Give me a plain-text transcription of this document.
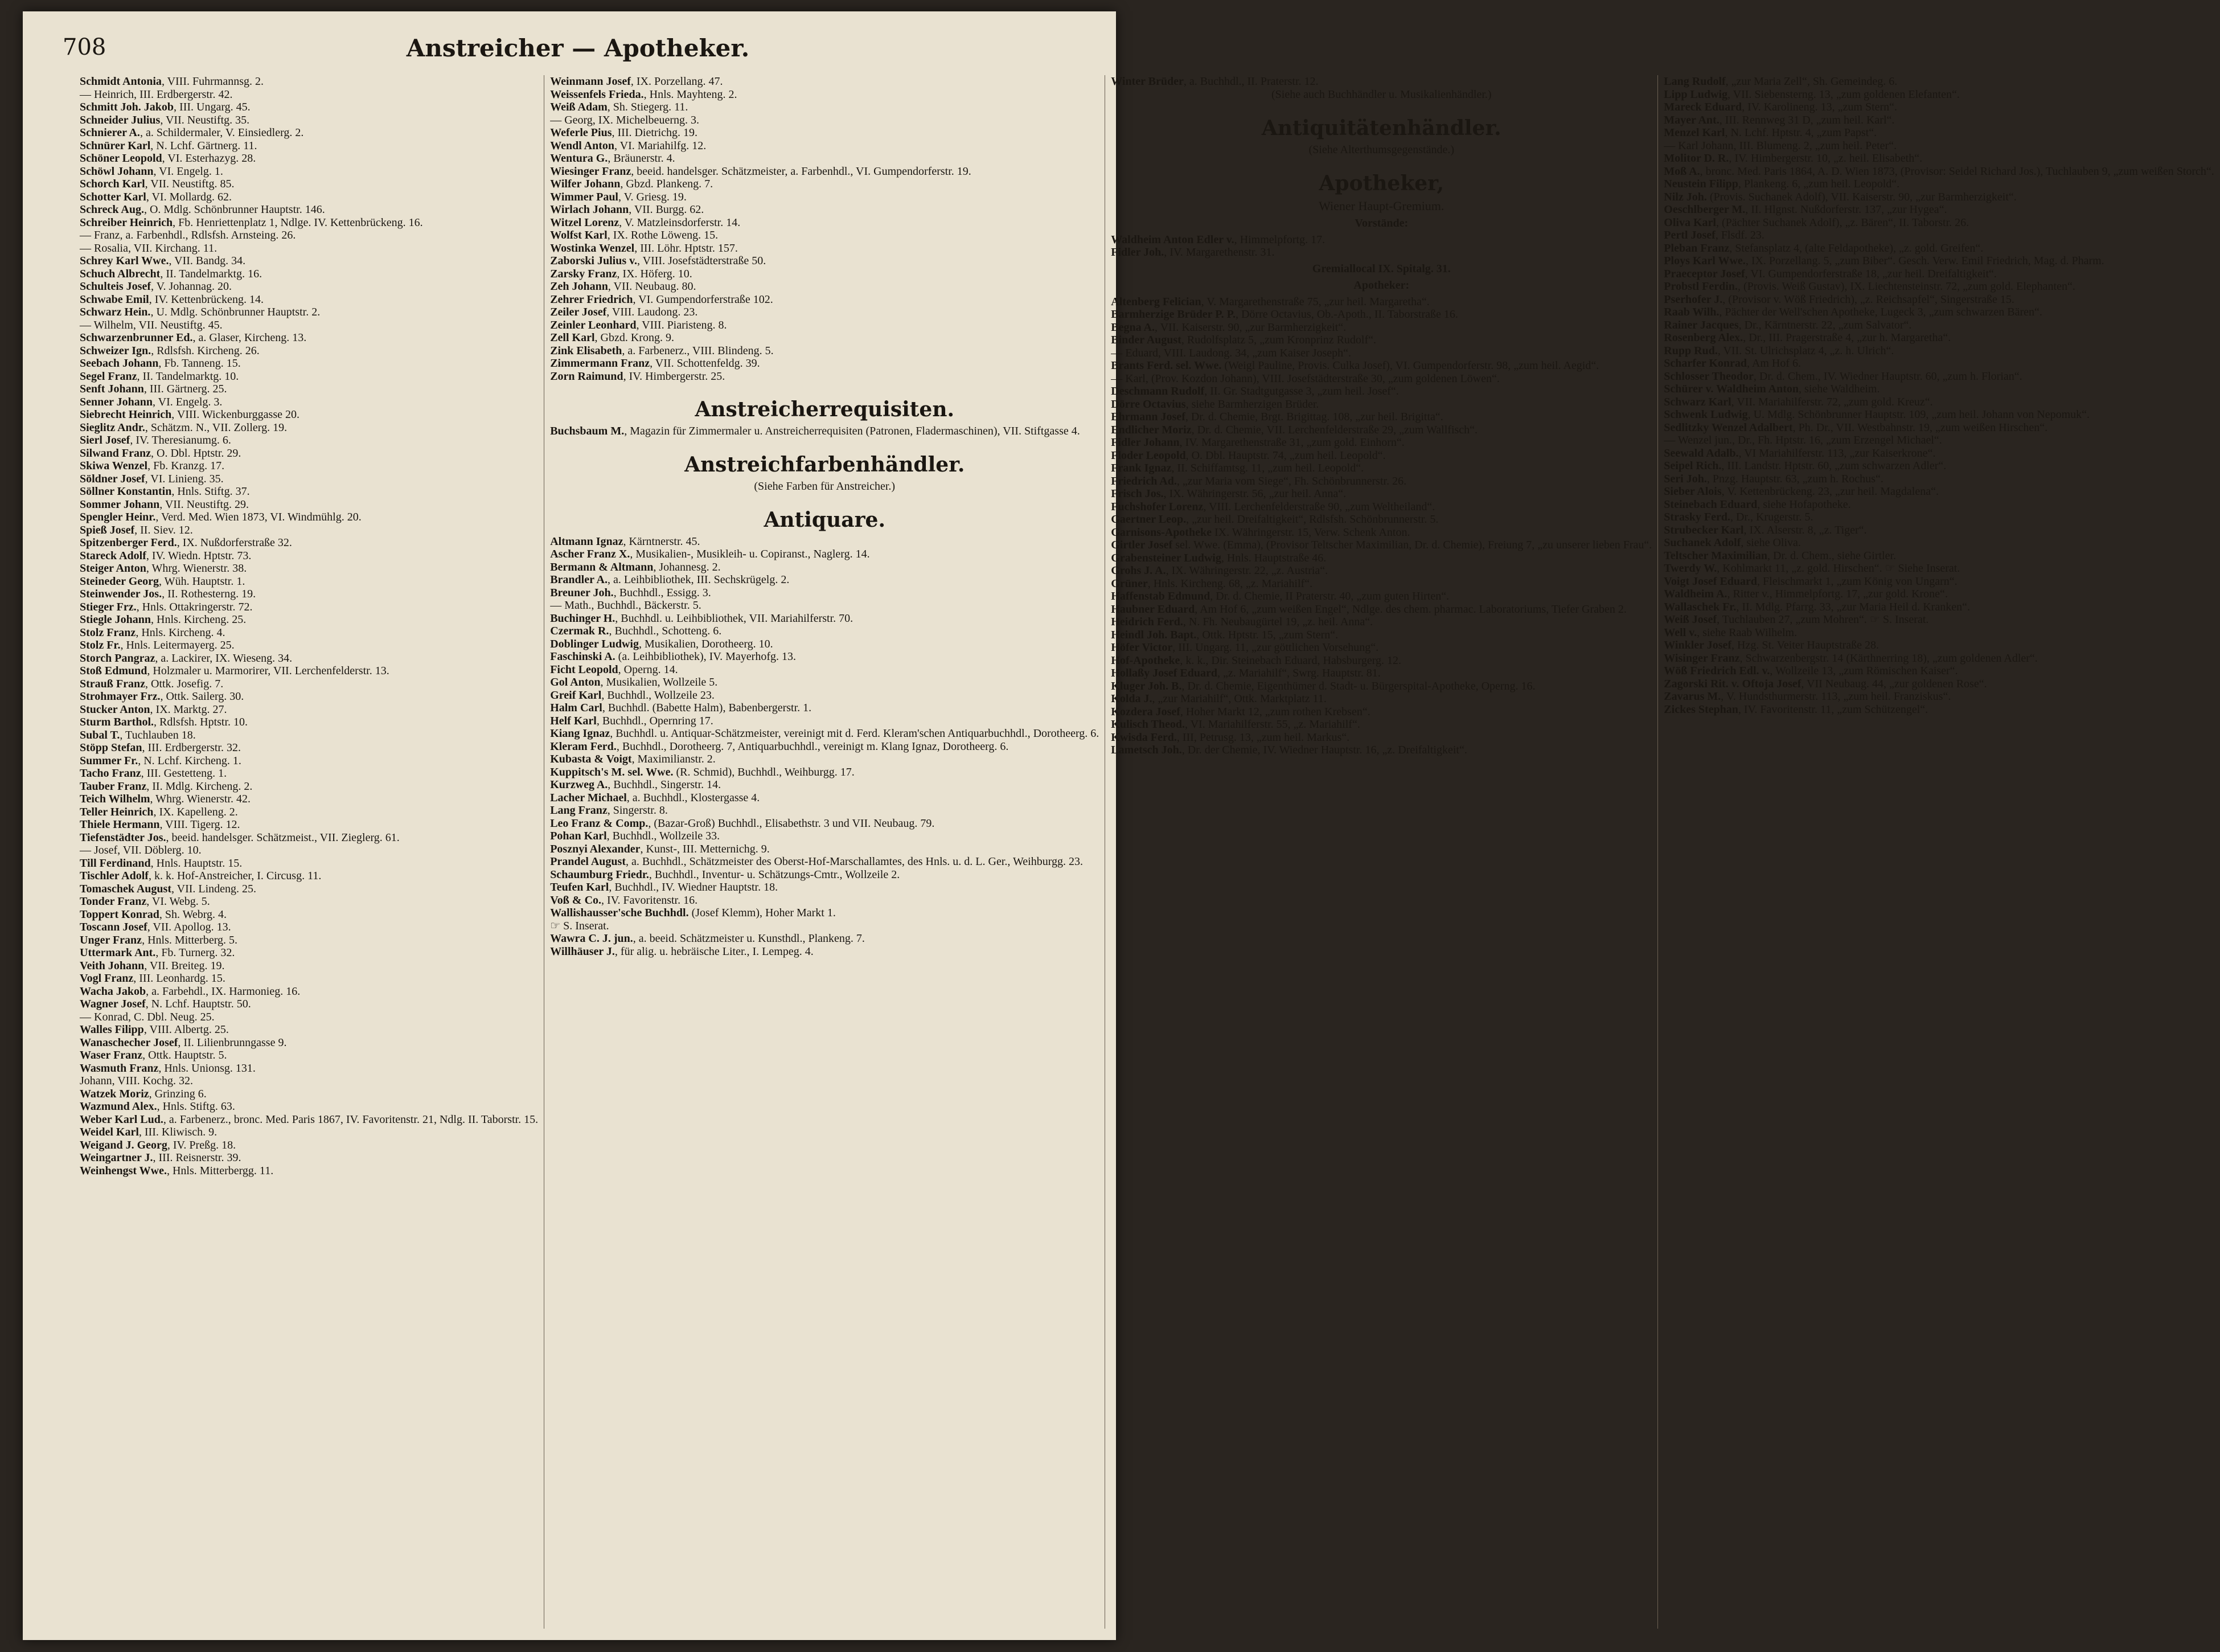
708	Anstreicher — Apotheker.
Schmidt Antonia, VIII. Fuhrmannsg. 2.
— Heinrich, III. Erdbergerstr. 42.
Schmitt Joh. Jakob, III. Ungarg. 45.
Schneider Julius, VII. Neustiftg. 35.
Schnierer A., a. Schildermaler, V. Einsiedlerg. 2.
Schnürer Karl, N. Lchf. Gärtnerg. 11.
Schöner Leopold, VI. Esterhazyg. 28.
Schöwl Johann, VI. Engelg. 1.
Schorch Karl, VII. Neustiftg. 85.
Schotter Karl, VI. Mollardg. 62.
Schreck Aug., O. Mdlg. Schönbrunner Hauptstr. 146.
Schreiber Heinrich, Fb. Henriettenplatz 1, Ndlge. IV. Kettenbrückeng. 16.
— Franz, a. Farbenhdl., Rdlsfsh. Arnsteing. 26.
— Rosalia, VII. Kirchang. 11.
Schrey Karl Wwe., VII. Bandg. 34.
Schuch Albrecht, II. Tandelmarktg. 16.
Schulteis Josef, V. Johannag. 20.
Schwabe Emil, IV. Kettenbrückeng. 14.
Schwarz Hein., U. Mdlg. Schönbrunner Hauptstr. 2.
— Wilhelm, VII. Neustiftg. 45.
Schwarzenbrunner Ed., a. Glaser, Kircheng. 13.
Schweizer Ign., Rdlsfsh. Kircheng. 26.
Seebach Johann, Fb. Tanneng. 15.
Segel Franz, II. Tandelmarktg. 10.
Senft Johann, III. Gärtnerg. 25.
Senner Johann, VI. Engelg. 3.
Siebrecht Heinrich, VIII. Wickenburggasse 20.
Sieglitz Andr., Schätzm. N., VII. Zollerg. 19.
Sierl Josef, IV. Theresianumg. 6.
Silwand Franz, O. Dbl. Hptstr. 29.
Skiwa Wenzel, Fb. Kranzg. 17.
Söldner Josef, VI. Linieng. 35.
Söllner Konstantin, Hnls. Stiftg. 37.
Sommer Johann, VII. Neustiftg. 29.
Spengler Heinr., Verd. Med. Wien 1873, VI. Windmühlg. 20.
Spieß Josef, II. Siev. 12.
Spitzenberger Ferd., IX. Nußdorferstraße 32.
Stareck Adolf, IV. Wiedn. Hptstr. 73.
Steiger Anton, Whrg. Wienerstr. 38.
Steineder Georg, Wüh. Hauptstr. 1.
Steinwender Jos., II. Rothesterng. 19.
Stieger Frz., Hnls. Ottakringerstr. 72.
Stiegle Johann, Hnls. Kircheng. 25.
Stolz Franz, Hnls. Kircheng. 4.
Stolz Fr., Hnls. Leitermayerg. 25.
Storch Pangraz, a. Lackirer, IX. Wieseng. 34.
Stoß Edmund, Holzmaler u. Marmorirer, VII. Lerchenfelderstr. 13.
Strauß Franz, Ottk. Josefig. 7.
Strohmayer Frz., Ottk. Sailerg. 30.
Stucker Anton, IX. Marktg. 27.
Sturm Barthol., Rdlsfsh. Hptstr. 10.
Subal T., Tuchlauben 18.
Stöpp Stefan, III. Erdbergerstr. 32.
Summer Fr., N. Lchf. Kircheng. 1.
Tacho Franz, III. Gestetteng. 1.
Tauber Franz, II. Mdlg. Kircheng. 2.
Teich Wilhelm, Whrg. Wienerstr. 42.
Teller Heinrich, IX. Kapelleng. 2.
Thiele Hermann, VIII. Tigerg. 12.
Tiefenstädter Jos., beeid. handelsger. Schätzmeist., VII. Zieglerg. 61.
— Josef, VII. Döblerg. 10.
Till Ferdinand, Hnls. Hauptstr. 15.
Tischler Adolf, k. k. Hof-Anstreicher, I. Circusg. 11.
Tomaschek August, VII. Lindeng. 25.
Tonder Franz, VI. Webg. 5.
Toppert Konrad, Sh. Webrg. 4.
Toscann Josef, VII. Apollog. 13.
Unger Franz, Hnls. Mitterberg. 5.
Uttermark Ant., Fb. Turnerg. 32.
Veith Johann, VII. Breiteg. 19.
Vogl Franz, III. Leonhardg. 15.
Wacha Jakob, a. Farbehdl., IX. Harmonieg. 16.
Wagner Josef, N. Lchf. Hauptstr. 50.
— Konrad, C. Dbl. Neug. 25.
Walles Filipp, VIII. Albertg. 25.
Wanaschecher Josef, II. Lilienbrunngasse 9.
Waser Franz, Ottk. Hauptstr. 5.
Wasmuth Franz, Hnls. Unionsg. 131.
Johann, VIII. Kochg. 32.
Watzek Moriz, Grinzing 6.
Wazmund Alex., Hnls. Stiftg. 63.
Weber Karl Lud., a. Farbenerz., bronc. Med. Paris 1867, IV. Favoritenstr. 21, Ndlg. II. Taborstr. 15.
Weidel Karl, III. Kliwisch. 9.
Weigand J. Georg, IV. Preßg. 18.
Weingartner J., III. Reisnerstr. 39.
Weinhengst Wwe., Hnls. Mitterbergg. 11.
Weinmann Josef, IX. Porzellang. 47.
Weissenfels Frieda., Hnls. Mayhteng. 2.
Weiß Adam, Sh. Stiegerg. 11.
— Georg, IX. Michelbeuerng. 3.
Weferle Pius, III. Dietrichg. 19.
Wendl Anton, VI. Mariahilfg. 12.
Wentura G., Bräunerstr. 4.
Wiesinger Franz, beeid. handelsger. Schätzmeister, a. Farbenhdl., VI. Gumpendorferstr. 19.
Wilfer Johann, Gbzd. Plankeng. 7.
Wimmer Paul, V. Griesg. 19.
Wirlach Johann, VII. Burgg. 62.
Witzel Lorenz, V. Matzleinsdorferstr. 14.
Wolfst Karl, IX. Rothe Löweng. 15.
Wostinka Wenzel, III. Löhr. Hptstr. 157.
Zaborski Julius v., VIII. Josefstädterstraße 50.
Zarsky Franz, IX. Höferg. 10.
Zeh Johann, VII. Neubaug. 80.
Zehrer Friedrich, VI. Gumpendorferstraße 102.
Zeiler Josef, VIII. Laudong. 23.
Zeinler Leonhard, VIII. Piaristeng. 8.
Zell Karl, Gbzd. Krong. 9.
Zink Elisabeth, a. Farbenerz., VIII. Blindeng. 5.
Zimmermann Franz, VII. Schottenfeldg. 39.
Zorn Raimund, IV. Himbergerstr. 25.
Anstreicherrequisiten.
Buchsbaum M., Magazin für Zimmermaler u. Anstreicherrequisiten (Patronen, Fladermaschinen), VII. Stiftgasse 4.
Anstreichfarbenhändler.
(Siehe Farben für Anstreicher.)
Antiquare.
Altmann Ignaz, Kärntnerstr. 45.
Ascher Franz X., Musikalien-, Musikleih- u. Copiranst., Naglerg. 14.
Bermann & Altmann, Johannesg. 2.
Brandler A., a. Leihbibliothek, III. Sechskrügelg. 2.
Breuner Joh., Buchhdl., Essigg. 3.
— Math., Buchhdl., Bäckerstr. 5.
Buchinger H., Buchhdl. u. Leihbibliothek, VII. Mariahilferstr. 70.
Czermak R., Buchhdl., Schotteng. 6.
Doblinger Ludwig, Musikalien, Dorotheerg. 10.
Faschinski A. (a. Leihbibliothek), IV. Mayerhofg. 13.
Ficht Leopold, Operng. 14.
Gol Anton, Musikalien, Wollzeile 5.
Greif Karl, Buchhdl., Wollzeile 23.
Halm Carl, Buchhdl. (Babette Halm), Babenbergerstr. 1.
Helf Karl, Buchhdl., Opernring 17.
Kiang Ignaz, Buchhdl. u. Antiquar-Schätzmeister, vereinigt mit d. Ferd. Kleram'schen Antiquarbuchhdl., Dorotheerg. 6.
Kleram Ferd., Buchhdl., Dorotheerg. 7, Antiquarbuchhdl., vereinigt m. Klang Ignaz, Dorotheerg. 6.
Kubasta & Voigt, Maximilianstr. 2.
Kuppitsch's M. sel. Wwe. (R. Schmid), Buchhdl., Weihburgg. 17.
Kurzweg A., Buchhdl., Singerstr. 14.
Lacher Michael, a. Buchhdl., Klostergasse 4.
Lang Franz, Singerstr. 8.
Leo Franz & Comp., (Bazar-Groß) Buchhdl., Elisabethstr. 3 und VII. Neubaug. 79.
Pohan Karl, Buchhdl., Wollzeile 33.
Posznyi Alexander, Kunst-, III. Metternichg. 9.
Prandel August, a. Buchhdl., Schätzmeister des Oberst-Hof-Marschallamtes, des Hnls. u. d. L. Ger., Weihburgg. 23.
Schaumburg Friedr., Buchhdl., Inventur- u. Schätzungs-Cmtr., Wollzeile 2.
Teufen Karl, Buchhdl., IV. Wiedner Hauptstr. 18.
Voß & Co., IV. Favoritenstr. 16.
Wallishausser'sche Buchhdl. (Josef Klemm), Hoher Markt 1.
☞ S. Inserat.
Wawra C. J. jun., a. beeid. Schätzmeister u. Kunsthdl., Plankeng. 7.
Willhäuser J., für alig. u. hebräische Liter., I. Lempeg. 4.
Winter Brüder, a. Buchhdl., II. Praterstr. 12.
(Siehe auch Buchhändler u. Musikalienhändler.)
Antiquitätenhändler.
(Siehe Alterthumsgegenstände.)
Apotheker,
Wiener Haupt-Gremium.
Vorstände:
Waldheim Anton Edler v., Himmelpfortg. 17.
Fidler Joh., IV. Margarethenstr. 31.
Gremiallocal IX. Spitalg. 31.
Apotheker:
Altenberg Felician, V. Margarethenstraße 75, „zur heil. Margaretha“.
Barmherzige Brüder P. P., Dörre Octavius, Ob.-Apoth., II. Taborstraße 16.
Begna A., VII. Kaiserstr. 90, „zur Barmherzigkeit“.
Binder August, Rudolfsplatz 5, „zum Kronprinz Rudolf“.
— Eduard, VIII. Laudong. 34, „zum Kaiser Joseph“.
Brants Ferd. sel. Wwe. (Weigl Pauline, Provis. Culka Josef), VI. Gumpendorferstr. 98, „zum heil. Aegid“.
— Karl, (Prov. Kozdon Johann), VIII. Josefstädterstraße 30, „zum goldenen Löwen“.
Deschmann Rudolf, II. Gr. Stadtgutgasse 3, „zum heil. Josef“.
Dörre Octavius, siehe Barmherzigen Brüder.
Ehrmann Josef, Dr. d. Chemie, Brgt. Brigittag. 108, „zur heil. Brigitta“.
Endlicher Moriz, Dr. d. Chemie, VII. Lerchenfelderstraße 29, „zum Wallfisch“.
Fidler Johann, IV. Margarethenstraße 31, „zum gold. Einhorn“.
Floder Leopold, O. Dbl. Hauptstr. 74, „zum heil. Leopold“.
Frank Ignaz, II. Schiffamtsg. 11, „zum heil. Leopold“.
Friedrich Ad., „zur Maria vom Siege“, Fh. Schönbrunnerstr. 26.
Frisch Jos., IX. Währingerstr. 56, „zur heil. Anna“.
Fuchshofer Lorenz, VIII. Lerchenfelderstraße 90, „zum Weltheiland“.
Gaertner Leop., „zur heil. Dreifaltigkeit“, Rdlsfsh. Schönbrunnerstr. 5.
Garnisons-Apotheke IX. Währingerstr. 15, Verw. Schenk Anton.
Girtler Josef sel. Wwe. (Emma), (Provisor Teltscher Maximilian, Dr. d. Chemie), Freiung 7, „zu unserer lieben Frau“.
Grabensteiner Ludwig, Hnls. Hauptstraße 46.
Grohs J. A., IX. Währingerstr. 22, „z. Austria“.
Grüner, Hnls. Kircheng. 68, „z. Mariahilf“.
Haffenstab Edmund, Dr. d. Chemie, II Praterstr. 40, „zum guten Hirten“.
Haubner Eduard, Am Hof 6, „zum weißen Engel“, Ndlge. des chem. pharmac. Laboratoriums, Tiefer Graben 2.
Heidrich Ferd., N. Fh. Neubaugürtel 19, „z. heil. Anna“.
Heindl Joh. Bapt., Ottk. Hptstr. 15, „zum Stern“.
Höfer Victor, III. Ungarg. 11, „zur göttlichen Vorsehung“.
Hof-Apotheke, k. k., Dir. Steinebach Eduard, Habsburgerg. 12.
Hollaßy Josef Eduard, „z. Mariahilf“, Swrg. Hauptstr. 81.
Kluger Joh. B., Dr. d. Chemie, Eigenthümer d. Stadt- u. Bürgerspital-Apotheke, Operng. 16.
Kolda J., „zur Mariahilf“, Ottk. Marktplatz 11.
Kozdera Josef, Hoher Markt 12, „zum rothen Krebsen“.
Kulisch Theod., VI. Mariahilferstr. 55, „z. Mariahilf“.
Kwisda Ferd., III, Petrusg. 13, „zum heil. Markus“.
Lametsch Joh., Dr. der Chemie, IV. Wiedner Hauptstr. 16, „z. Dreifaltigkeit“.
Lang Rudolf, „zur Maria Zell“, Sh. Gemeindeg. 6.
Lipp Ludwig, VII. Siebensterng. 13, „zum goldenen Elefanten“.
Mareck Eduard, IV. Karolineng. 13, „zum Stern“.
Mayer Ant., III. Rennweg 31 D, „zum heil. Karl“.
Menzel Karl, N. Lchf. Hptstr. 4, „zum Papst“.
— Karl Johann, III. Blumeng. 2, „zum heil. Peter“.
Molitor D. R., IV. Himbergerstr. 10, „z. heil. Elisabeth“.
Moß A., bronc. Med. Paris 1864, A. D. Wien 1873, (Provisor: Seidel Richard Jos.), Tuchlauben 9, „zum weißen Storch“.
Neustein Filipp, Plankeng. 6, „zum heil. Leopold“.
Nilz Joh. (Provis. Suchanek Adolf), VII. Kaiserstr. 90, „zur Barmherzigkeit“.
Oeschlberger M., II. Hlgnst. Nußdorferstr. 137, „zur Hygea“.
Oliva Karl, (Pächter Suchanek Adolf), „z. Bären“, II. Taborstr. 26.
Pertl Josef, Flsdf. 23.
Pleban Franz, Stefansplatz 4, (alte Feldapotheke), „z. gold. Greifen“.
Ploys Karl Wwe., IX. Porzellang. 5, „zum Biber“. Gesch. Verw. Emil Friedrich, Mag. d. Pharm.
Praeceptor Josef, VI. Gumpendorferstraße 18, „zur heil. Dreifaltigkeit“.
Probstl Ferdin., (Provis. Weiß Gustav), IX. Liechtensteinstr. 72, „zum gold. Elephanten“.
Pserhofer J., (Provisor v. Wöß Friedrich), „z. Reichsapfel“, Singerstraße 15.
Raab Wilh., Pächter der Well'schen Apotheke, Lugeck 3, „zum schwarzen Bären“.
Rainer Jacques, Dr., Kärntnerstr. 22, „zum Salvator“.
Rosenberg Alex., Dr., III. Pragerstraße 4, „zur h. Margaretha“.
Rupp Rud., VII. St. Ulrichsplatz 4, „z. h. Ulrich“.
Scharfer Konrad, Am Hof 6.
Schlosser Theodor, Dr. d. Chem., IV. Wiedner Hauptstr. 60, „zum h. Florian“.
Schürer v. Waldheim Anton, siehe Waldheim.
Schwarz Karl, VII. Mariahilferstr. 72, „zum gold. Kreuz“.
Schwenk Ludwig, U. Mdlg. Schönbrunner Hauptstr. 109, „zum heil. Johann von Nepomuk“.
Sedlitzky Wenzel Adalbert, Ph. Dr., VII. Westbahnstr. 19, „zum weißen Hirschen“.
— Wenzel jun., Dr., Fh. Hptstr. 16, „zum Erzengel Michael“.
Seewald Adalb., VI Mariahilferstr. 113, „zur Kaiserkrone“.
Seipel Rich., III. Landstr. Hptstr. 60, „zum schwarzen Adler“.
Seri Joh., Pnzg. Hauptstr. 63, „zum h. Rochus“.
Sieber Alois, V. Kettenbrückeng. 23, „zur heil. Magdalena“.
Steinebach Eduard, siehe Hofapotheke.
Strasky Ferd., Dr., Krugerstr. 5.
Strubecker Karl, IX. Alserstr. 8, „z. Tiger“.
Suchanek Adolf, siehe Oliva.
Teltscher Maximilian, Dr. d. Chem., siehe Girtler.
Twerdy W., Kohlmarkt 11, „z. gold. Hirschen“. ☞ Siehe Inserat.
Voigt Josef Eduard, Fleischmarkt 1, „zum König von Ungarn“.
Waldheim A., Ritter v., Himmelpfortg. 17, „zur gold. Krone“.
Wallaschek Fr., II. Mdlg. Pfarrg. 33, „zur Maria Heil d. Kranken“.
Weiß Josef, Tuchlauben 27, „zum Mohren“. ☞ S. Inserat.
Well v., siehe Raab Wilhelm.
Winkler Josef, Hzg. St. Veiter Hauptstraße 28.
Wisinger Franz, Schwarzenbergstr. 14 (Kärthnerring 18), „zum goldenen Adler“.
Wöß Friedrich Edl. v., Wollzeile 13, „zum Römischen Kaiser“.
Zagorski Rit. v. Oftoja Josef, VII Neubaug. 44, „zur goldenen Rose“.
Zavarus M., V. Hundsthurmerstr. 113, „zum heil. Franziskus“.
Zickes Stephan, IV. Favoritenstr. 11, „zum Schützengel“.
